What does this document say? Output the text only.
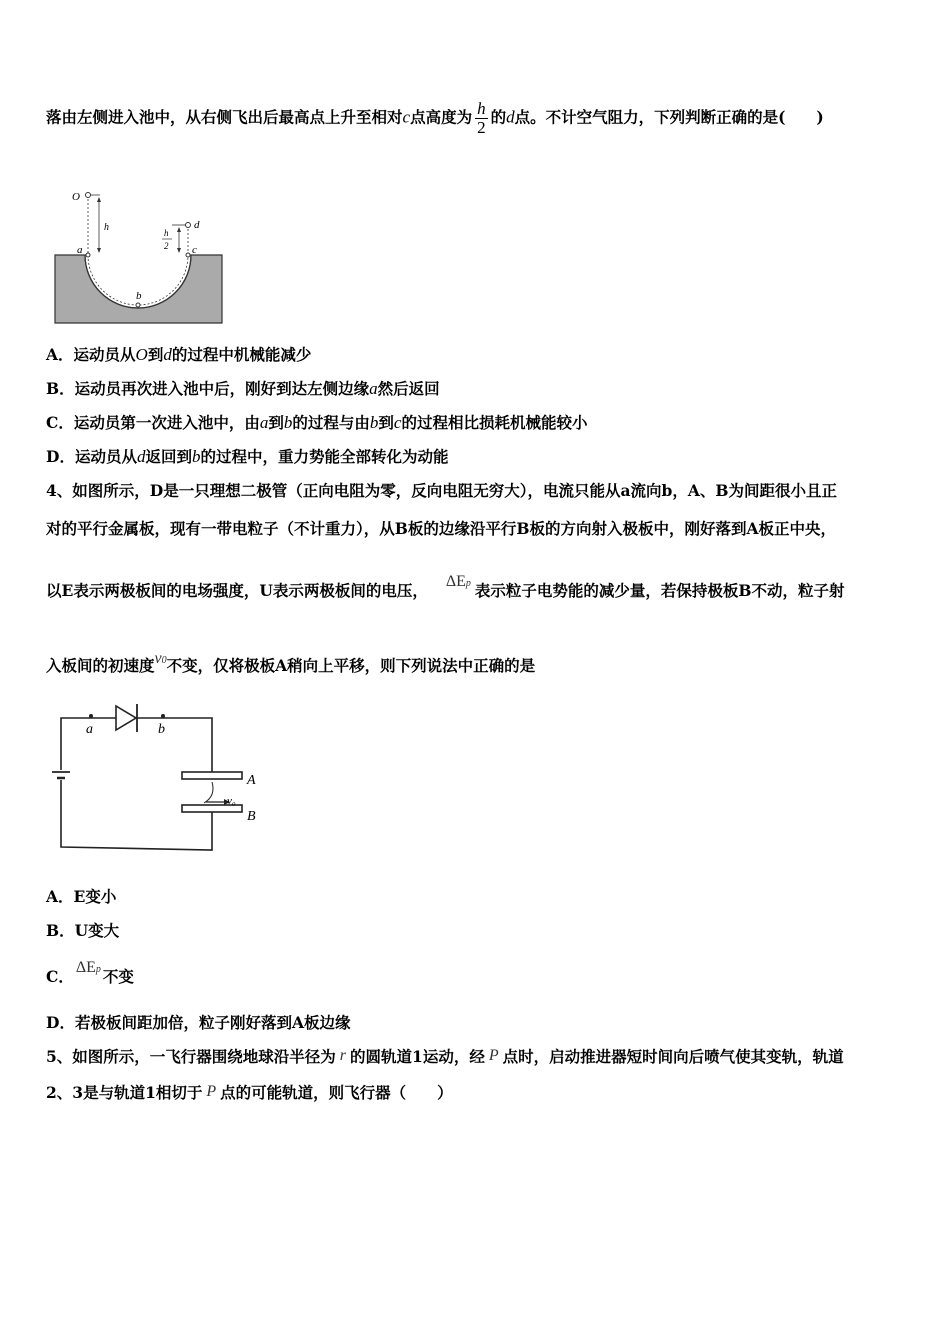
落由左侧进入池中，从右侧飞出后最高点上升至相对c点高度为 $\frac{h}{2}$ 的d点。不计空气阻力，下列判断正确的是(　　)
O
h	d
h
2
a	c
b
A．运动员从O到d的过程中机械能减少
B．运动员再次进入池中后，刚好到达左侧边缘a然后返回
C．运动员第一次进入池中，由a到b的过程与由b到c的过程相比损耗机械能较小
D．运动员从d返回到b的过程中，重力势能全部转化为动能
4、如图所示，D是一只理想二极管（正向电阻为零，反向电阻无穷大），电流只能从a流向b，A、B为间距很小且正
对的平行金属板，现有一带电粒子（不计重力），从B板的边缘沿平行B板的方向射入极板中，刚好落到A板正中央，
以E表示两极板间的电场强度，U表示两极板间的电压， ΔEp 表示粒子电势能的减少量，若保持极板B不动，粒子射
入板间的初速度v0不变，仅将极板A稍向上平移，则下列说法中正确的是
a	b
A
B
v₀
A．E变小
B．U变大
C． ΔEp 不变
D．若极板间距加倍，粒子刚好落到A板边缘
5、如图所示，一飞行器围绕地球沿半径为 r 的圆轨道1运动，经 P 点时，启动推进器短时间向后喷气使其变轨，轨道
2、3是与轨道1相切于 P 点的可能轨道，则飞行器（　　）
